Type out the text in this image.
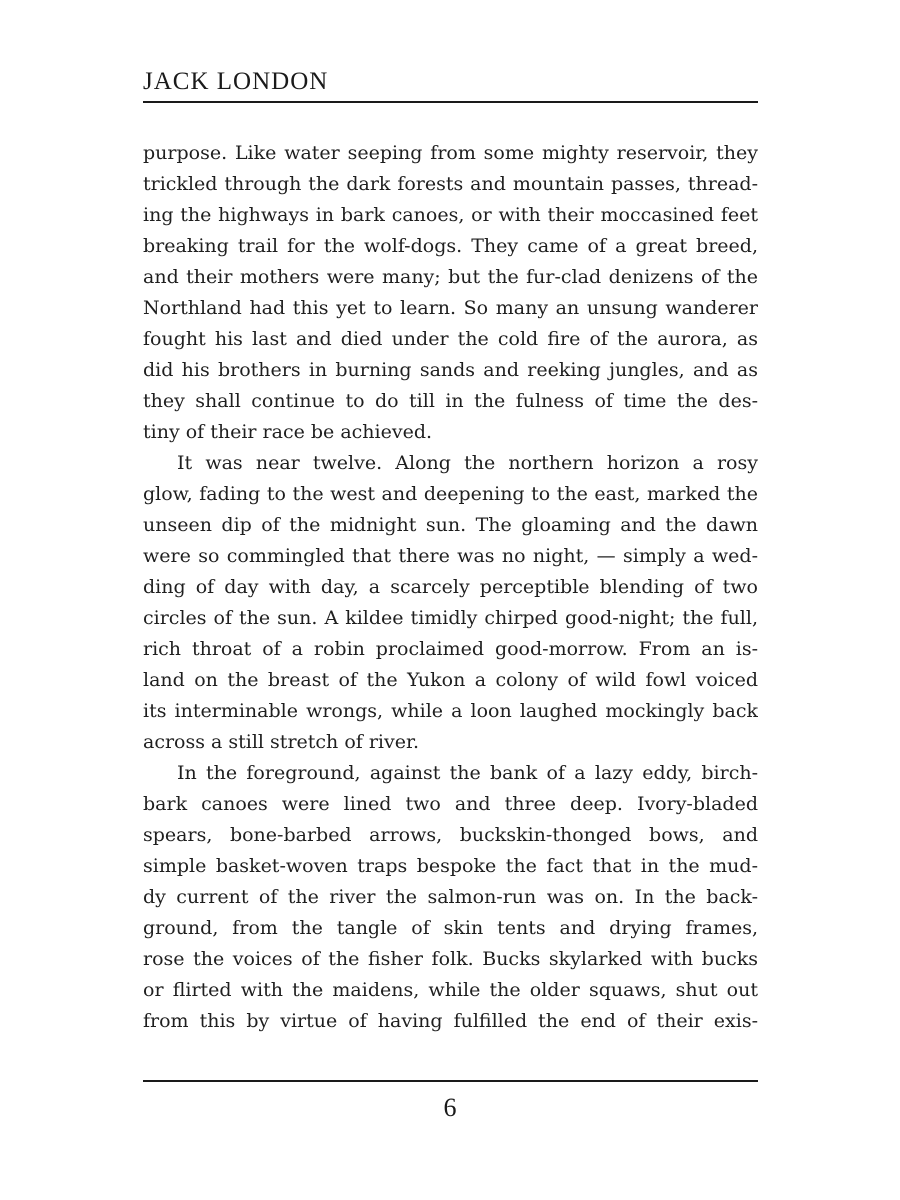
JACK LONDON
purpose. Like water seeping from some mighty reservoir, they
trickled through the dark forests and mountain passes, thread-
ing the highways in bark canoes, or with their moccasined feet
breaking trail for the wolf-dogs. They came of a great breed,
and their mothers were many; but the fur-clad denizens of the
Northland had this yet to learn. So many an unsung wanderer
fought his last and died under the cold fire of the aurora, as
did his brothers in burning sands and reeking jungles, and as
they shall continue to do till in the fulness of time the des-
tiny of their race be achieved.
It was near twelve. Along the northern horizon a rosy
glow, fading to the west and deepening to the east, marked the
unseen dip of the midnight sun. The gloaming and the dawn
were so commingled that there was no night, — simply a wed-
ding of day with day, a scarcely perceptible blending of two
circles of the sun. A kildee timidly chirped good-night; the full,
rich throat of a robin proclaimed good-morrow. From an is-
land on the breast of the Yukon a colony of wild fowl voiced
its interminable wrongs, while a loon laughed mockingly back
across a still stretch of river.
In the foreground, against the bank of a lazy eddy, birch-
bark canoes were lined two and three deep. Ivory-bladed
spears, bone-barbed arrows, buckskin-thonged bows, and
simple basket-woven traps bespoke the fact that in the mud-
dy current of the river the salmon-run was on. In the back-
ground, from the tangle of skin tents and drying frames,
rose the voices of the fisher folk. Bucks skylarked with bucks
or flirted with the maidens, while the older squaws, shut out
from this by virtue of having fulfilled the end of their exis-
6
